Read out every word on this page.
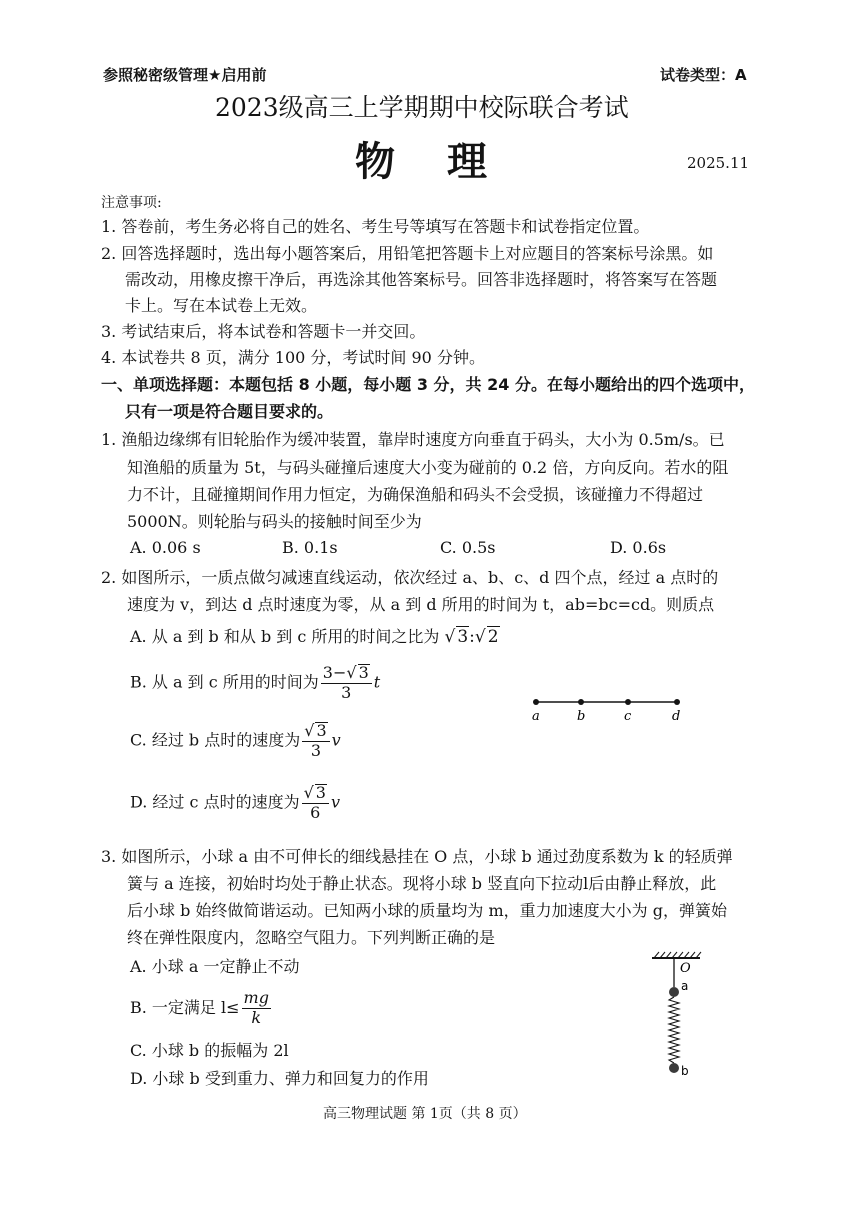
参照秘密级管理★启用前	试卷类型：A
2023级高三上学期期中校际联合考试
物　理	2025.11
注意事项:
1. 答卷前，考生务必将自己的姓名、考生号等填写在答题卡和试卷指定位置。
2. 回答选择题时，选出每小题答案后，用铅笔把答题卡上对应题目的答案标号涂黑。如
需改动，用橡皮擦干净后，再选涂其他答案标号。回答非选择题时，将答案写在答题
卡上。写在本试卷上无效。
3. 考试结束后，将本试卷和答题卡一并交回。
4. 本试卷共 8 页，满分 100 分，考试时间 90 分钟。
一、单项选择题：本题包括 8 小题，每小题 3 分，共 24 分。在每小题给出的四个选项中，
只有一项是符合题目要求的。
1. 渔船边缘绑有旧轮胎作为缓冲装置，靠岸时速度方向垂直于码头，大小为 0.5m/s。已
知渔船的质量为 5t，与码头碰撞后速度大小变为碰前的 0.2 倍，方向反向。若水的阻
力不计，且碰撞期间作用力恒定，为确保渔船和码头不会受损，该碰撞力不得超过
5000N。则轮胎与码头的接触时间至少为
A. 0.06 s	B. 0.1s	C. 0.5s	D. 0.6s
2. 如图所示，一质点做匀减速直线运动，依次经过 a、b、c、d 四个点，经过 a 点时的
速度为 v，到达 d 点时速度为零，从 a 到 d 所用的时间为 t，ab=bc=cd。则质点
A. 从 a 到 b 和从 b 到 c 所用的时间之比为 √ 3:√ 2
B. 从 a 到 c 所用的时间为 $\frac{3-√ 3}{3}$ t
C. 经过 b 点时的速度为 $\frac{√ 3}{3}$ v
D. 经过 c 点时的速度为 $\frac{√ 3}{6}$ v
a	b	c	d
3. 如图所示，小球 a 由不可伸长的细线悬挂在 O 点，小球 b 通过劲度系数为 k 的轻质弹
簧与 a 连接，初始时均处于静止状态。现将小球 b 竖直向下拉动l后由静止释放，此
后小球 b 始终做简谐运动。已知两小球的质量均为 m，重力加速度大小为 g，弹簧始
终在弹性限度内，忽略空气阻力。下列判断正确的是
A. 小球 a 一定静止不动
B. 一定满足 $l\le \frac{mg}{k}$
C. 小球 b 的振幅为 2l
D. 小球 b 受到重力、弹力和回复力的作用
O
a
b
高三物理试题 第 1页（共 8 页）
